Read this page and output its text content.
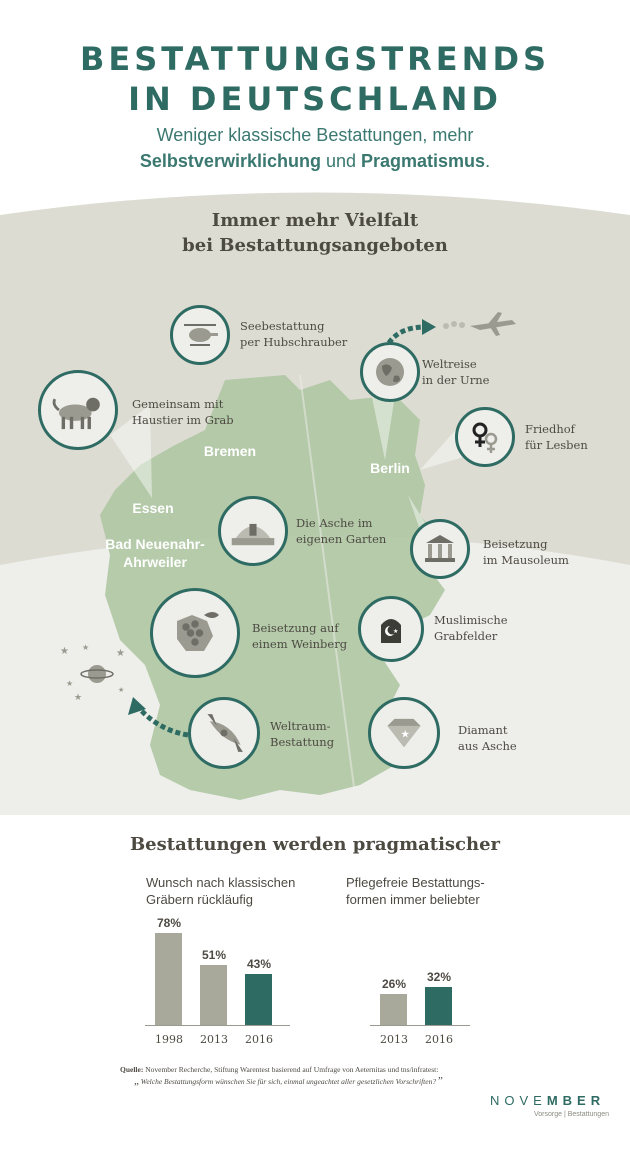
BESTATTUNGSTRENDS
IN DEUTSCHLAND
Weniger klassische Bestattungen, mehr
Selbstverwirklichung und Pragmatismus.
Immer mehr Vielfalt
bei Bestattungsangeboten
Bremen
Berlin
Essen
Bad Neuenahr-
Ahrweiler
★ ★
★
★
★
★
Seebestattung
per Hubschrauber
Weltreise
in der Urne
Gemeinsam mit
Haustier im Grab
Friedhof
für Lesben
Die Asche im
eigenen Garten	Beisetzung
im Mausoleum
Beisetzung auf
einem Weinberg
★
Muslimische
Grabfelder
Weltraum-
Bestattung
★	Diamant
aus Asche
Bestattungen werden pragmatischer
Wunsch nach klassischen
Gräbern rückläufig
Pflegefreie Bestattungs-
formen immer beliebter
78%
1998
51%
2013
43%
2016
26%
2013
32%
2016
Quelle: November Recherche, Stiftung Warentest basierend auf Umfrage von Aeternitas und tns/infratest:
„ Welche Bestattungsform wünschen Sie für sich, einmal ungeachtet aller gesetzlichen Vorschriften? ”
NOVEMBER
Vorsorge | Bestattungen
